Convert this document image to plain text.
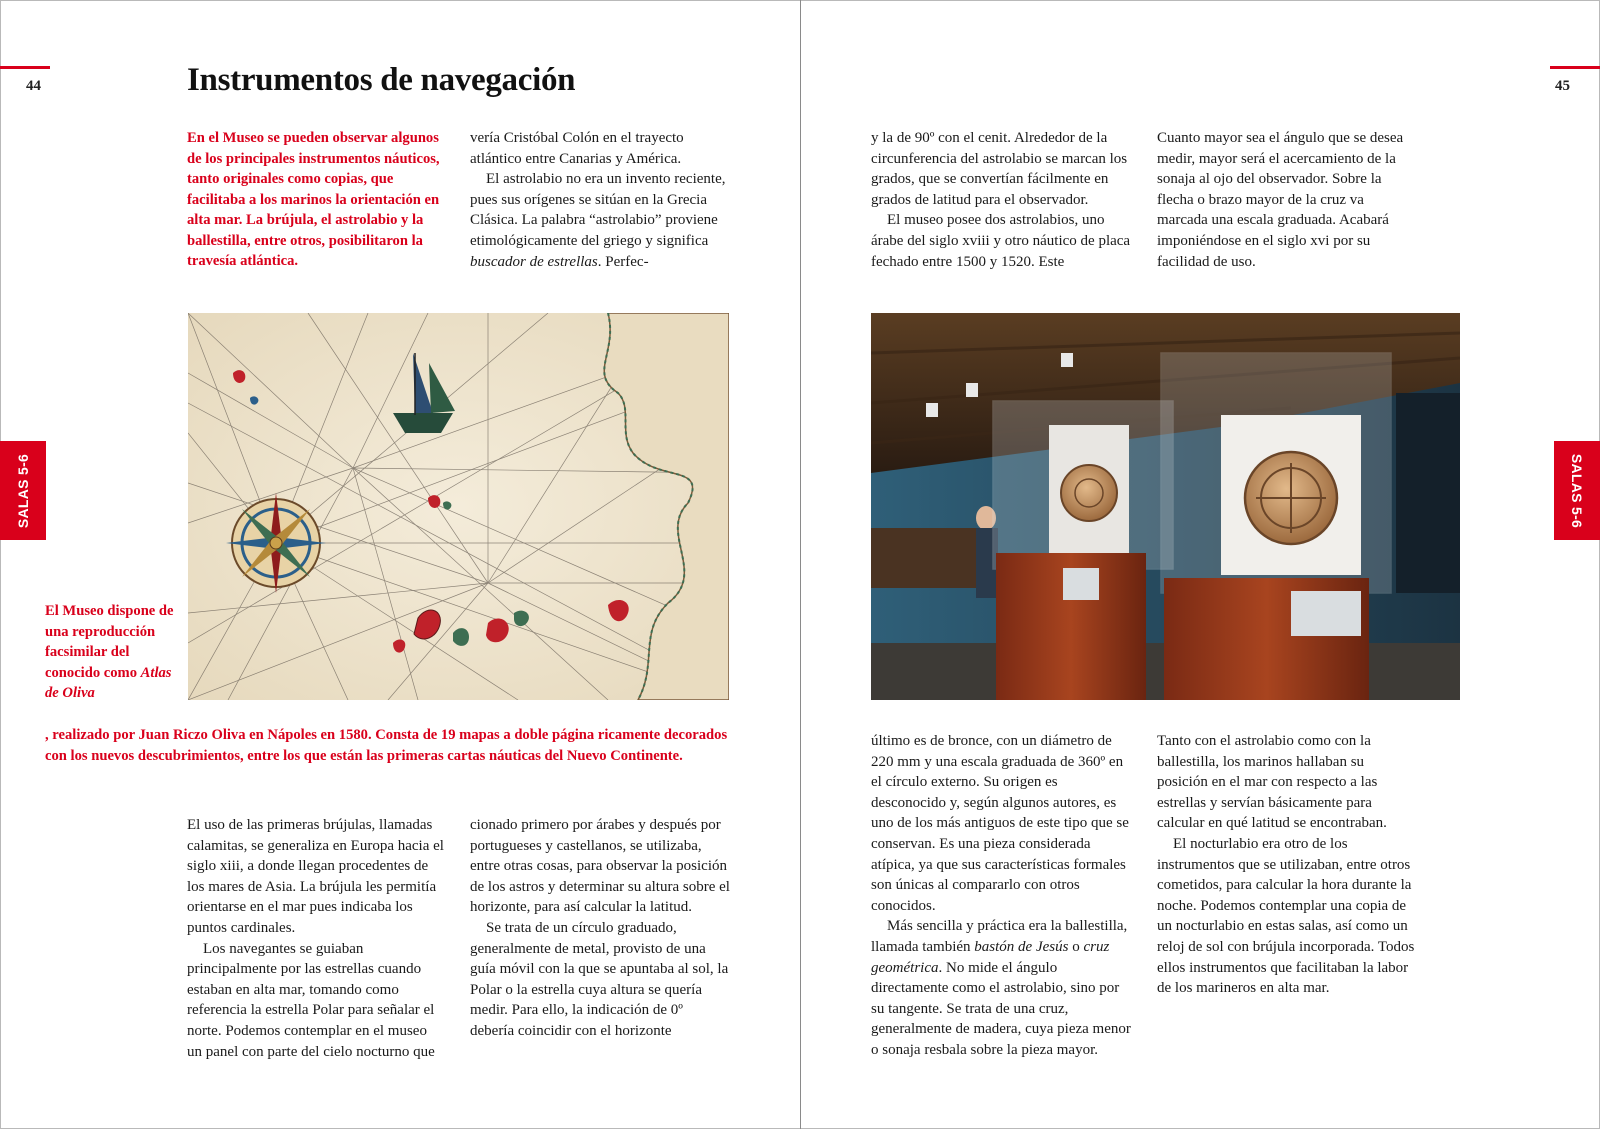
44	Instrumentos de navegación
SALAS 5-6

En el Museo se pueden observar algunos de los principales instrumentos náuticos, tanto originales como copias, que facilitaba a los marinos la orientación en alta mar. La brújula, el astrolabio y la ballestilla, entre otros, posibilitaron la travesía atlántica.

vería Cristóbal Colón en el trayecto atlántico entre Canarias y América.

El astrolabio no era un invento reciente, pues sus orígenes se sitúan en la Grecia Clásica. La palabra “astrolabio” proviene etimológicamente del griego y significa buscador de estrellas. Perfec-

El Museo dispone de una reproducción facsimilar del conocido como Atlas de Oliva
, realizado por Juan Riczo Oliva en Nápoles en 1580. Consta de 19 mapas a doble página ricamente decorados con los nuevos descubrimientos, entre los que están las primeras cartas náuticas del Nuevo Continente.

El uso de las primeras brújulas, llamadas calamitas, se generaliza en Europa hacia el siglo xiii, a donde llegan procedentes de los mares de Asia. La brújula les permitía orientarse en el mar pues indicaba los puntos cardinales.

Los navegantes se guiaban principalmente por las estrellas cuando estaban en alta mar, tomando como referencia la estrella Polar para señalar el norte. Podemos contemplar en el museo un panel con parte del cielo nocturno que

cionado primero por árabes y después por portugueses y castellanos, se utilizaba, entre otras cosas, para observar la posición de los astros y determinar su altura sobre el horizonte, para así calcular la latitud.

Se trata de un círculo graduado, generalmente de metal, provisto de una guía móvil con la que se apuntaba al sol, la Polar o la estrella cuya altura se quería medir. Para ello, la indicación de 0º debería coincidir con el horizonte

45
SALAS 5-6

y la de 90º con el cenit. Alrededor de la circunferencia del astrolabio se marcan los grados, que se convertían fácilmente en grados de latitud para el observador.

El museo posee dos astrolabios, uno árabe del siglo xviii y otro náutico de placa fechado entre 1500 y 1520. Este

Cuanto mayor sea el ángulo que se desea medir, mayor será el acercamiento de la sonaja al ojo del observador. Sobre la flecha o brazo mayor de la cruz va marcada una escala graduada. Acabará imponiéndose en el siglo xvi por su facilidad de uso.

último es de bronce, con un diámetro de 220 mm y una escala graduada de 360º en el círculo externo. Su origen es desconocido y, según algunos autores, es uno de los más antiguos de este tipo que se conservan. Es una pieza considerada atípica, ya que sus características formales son únicas al compararlo con otros conocidos.

Más sencilla y práctica era la ballestilla, llamada también bastón de Jesús o cruz geométrica. No mide el ángulo directamente como el astrolabio, sino por su tangente. Se trata de una cruz, generalmente de madera, cuya pieza menor o sonaja resbala sobre la pieza mayor.

Tanto con el astrolabio como con la ballestilla, los marinos hallaban su posición en el mar con respecto a las estrellas y servían básicamente para calcular en qué latitud se encontraban.

El nocturlabio era otro de los instrumentos que se utilizaban, entre otros cometidos, para calcular la hora durante la noche. Podemos contemplar una copia de un nocturlabio en estas salas, así como un reloj de sol con brújula incorporada. Todos ellos instrumentos que facilitaban la labor de los marineros en alta mar.
